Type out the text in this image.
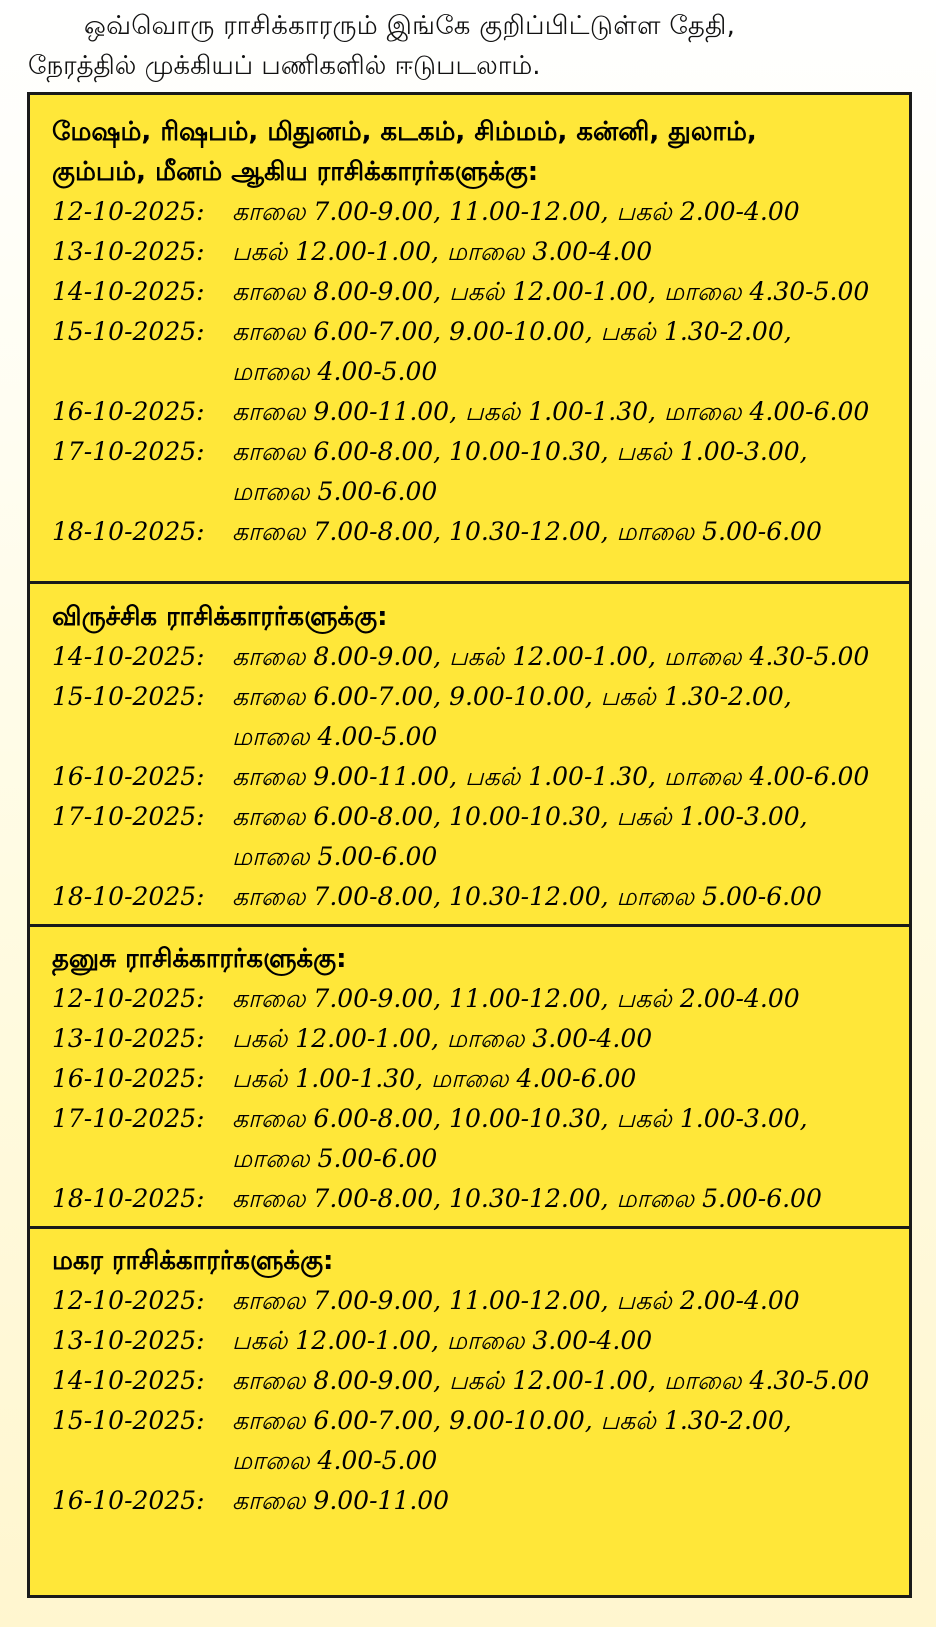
ஒவ்வொரு ராசிக்காரரும் இங்கே குறிப்பிட்டுள்ள தேதி,

நேரத்தில் முக்கியப் பணிகளில் ஈடுபடலாம்.

மேஷம், ரிஷபம், மிதுனம், கடகம், சிம்மம், கன்னி, துலாம்,

கும்பம், மீனம் ஆகிய ராசிக்காரர்களுக்கு:

12-10-2025:	காலை 7.00-9.00, 11.00-12.00, பகல் 2.00-4.00
13-10-2025:	பகல் 12.00-1.00, மாலை 3.00-4.00
14-10-2025:	காலை 8.00-9.00, பகல் 12.00-1.00, மாலை 4.30-5.00
15-10-2025:	காலை 6.00-7.00, 9.00-10.00, பகல் 1.30-2.00,
மாலை 4.00-5.00
16-10-2025:	காலை 9.00-11.00, பகல் 1.00-1.30, மாலை 4.00-6.00
17-10-2025:	காலை 6.00-8.00, 10.00-10.30, பகல் 1.00-3.00,
மாலை 5.00-6.00
18-10-2025:	காலை 7.00-8.00, 10.30-12.00, மாலை 5.00-6.00

விருச்சிக ராசிக்காரர்களுக்கு:

14-10-2025:	காலை 8.00-9.00, பகல் 12.00-1.00, மாலை 4.30-5.00
15-10-2025:	காலை 6.00-7.00, 9.00-10.00, பகல் 1.30-2.00,
மாலை 4.00-5.00
16-10-2025:	காலை 9.00-11.00, பகல் 1.00-1.30, மாலை 4.00-6.00
17-10-2025:	காலை 6.00-8.00, 10.00-10.30, பகல் 1.00-3.00,
மாலை 5.00-6.00
18-10-2025:	காலை 7.00-8.00, 10.30-12.00, மாலை 5.00-6.00

தனுசு ராசிக்காரர்களுக்கு:

12-10-2025:	காலை 7.00-9.00, 11.00-12.00, பகல் 2.00-4.00
13-10-2025:	பகல் 12.00-1.00, மாலை 3.00-4.00
16-10-2025:	பகல் 1.00-1.30, மாலை 4.00-6.00
17-10-2025:	காலை 6.00-8.00, 10.00-10.30, பகல் 1.00-3.00,
மாலை 5.00-6.00
18-10-2025:	காலை 7.00-8.00, 10.30-12.00, மாலை 5.00-6.00

மகர ராசிக்காரர்களுக்கு:

12-10-2025:	காலை 7.00-9.00, 11.00-12.00, பகல் 2.00-4.00
13-10-2025:	பகல் 12.00-1.00, மாலை 3.00-4.00
14-10-2025:	காலை 8.00-9.00, பகல் 12.00-1.00, மாலை 4.30-5.00
15-10-2025:	காலை 6.00-7.00, 9.00-10.00, பகல் 1.30-2.00,
மாலை 4.00-5.00
16-10-2025:	காலை 9.00-11.00
